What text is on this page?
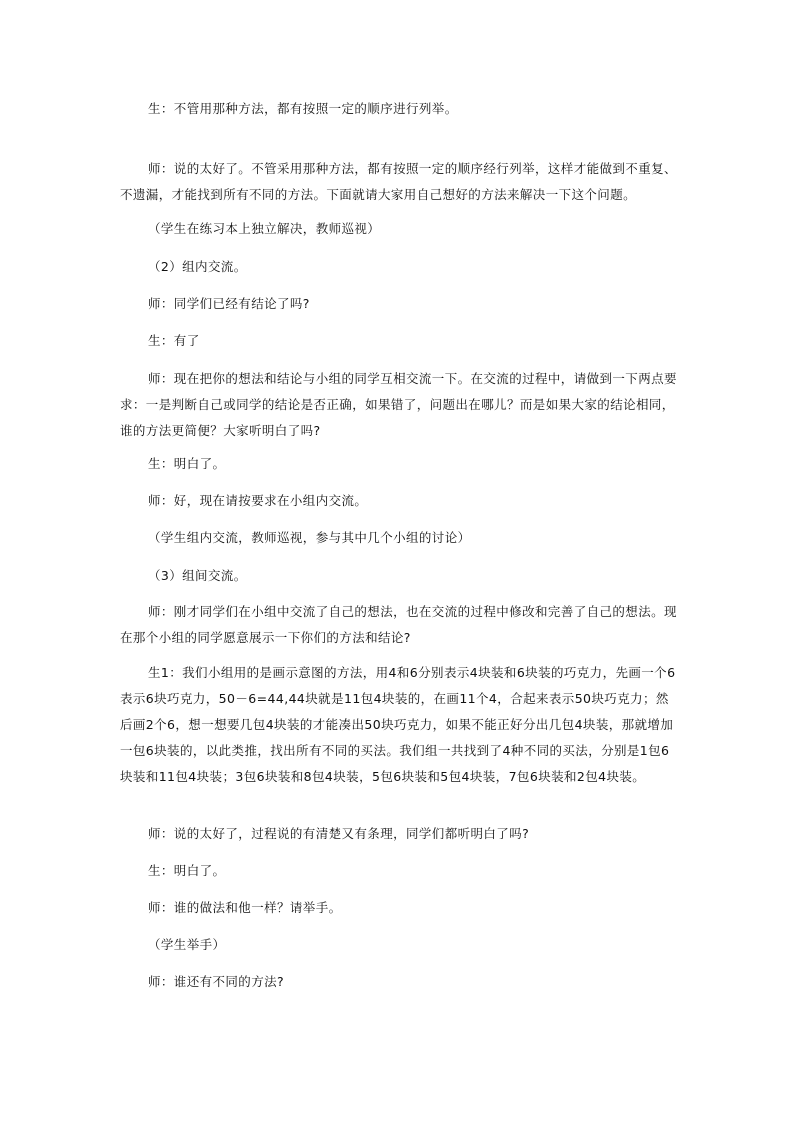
生：不管用那种方法，都有按照一定的顺序进行列举。

师：说的太好了。不管采用那种方法，都有按照一定的顺序经行列举，这样才能做到不重复、不遗漏，才能找到所有不同的方法。下面就请大家用自己想好的方法来解决一下这个问题。

（学生在练习本上独立解决，教师巡视）

（2）组内交流。

师：同学们已经有结论了吗?

生：有了

师：现在把你的想法和结论与小组的同学互相交流一下。在交流的过程中，请做到一下两点要求：一是判断自己或同学的结论是否正确，如果错了，问题出在哪儿？而是如果大家的结论相同，谁的方法更简便？大家听明白了吗?

生：明白了。

师：好，现在请按要求在小组内交流。

（学生组内交流，教师巡视，参与其中几个小组的讨论）

（3）组间交流。

师：刚才同学们在小组中交流了自己的想法，也在交流的过程中修改和完善了自己的想法。现在那个小组的同学愿意展示一下你们的方法和结论?

生1：我们小组用的是画示意图的方法，用4和6分别表示4块装和6块装的巧克力，先画一个6表示6块巧克力，50－6=44,44块就是11包4块装的，在画11个4，合起来表示50块巧克力；然后画2个6，想一想要几包4块装的才能凑出50块巧克力，如果不能正好分出几包4块装，那就增加一包6块装的，以此类推，找出所有不同的买法。我们组一共找到了4种不同的买法，分别是1包6块装和11包4块装；3包6块装和8包4块装，5包6块装和5包4块装，7包6块装和2包4块装。

师：说的太好了，过程说的有清楚又有条理，同学们都听明白了吗?

生：明白了。

师：谁的做法和他一样？请举手。

（学生举手）

师：谁还有不同的方法?
